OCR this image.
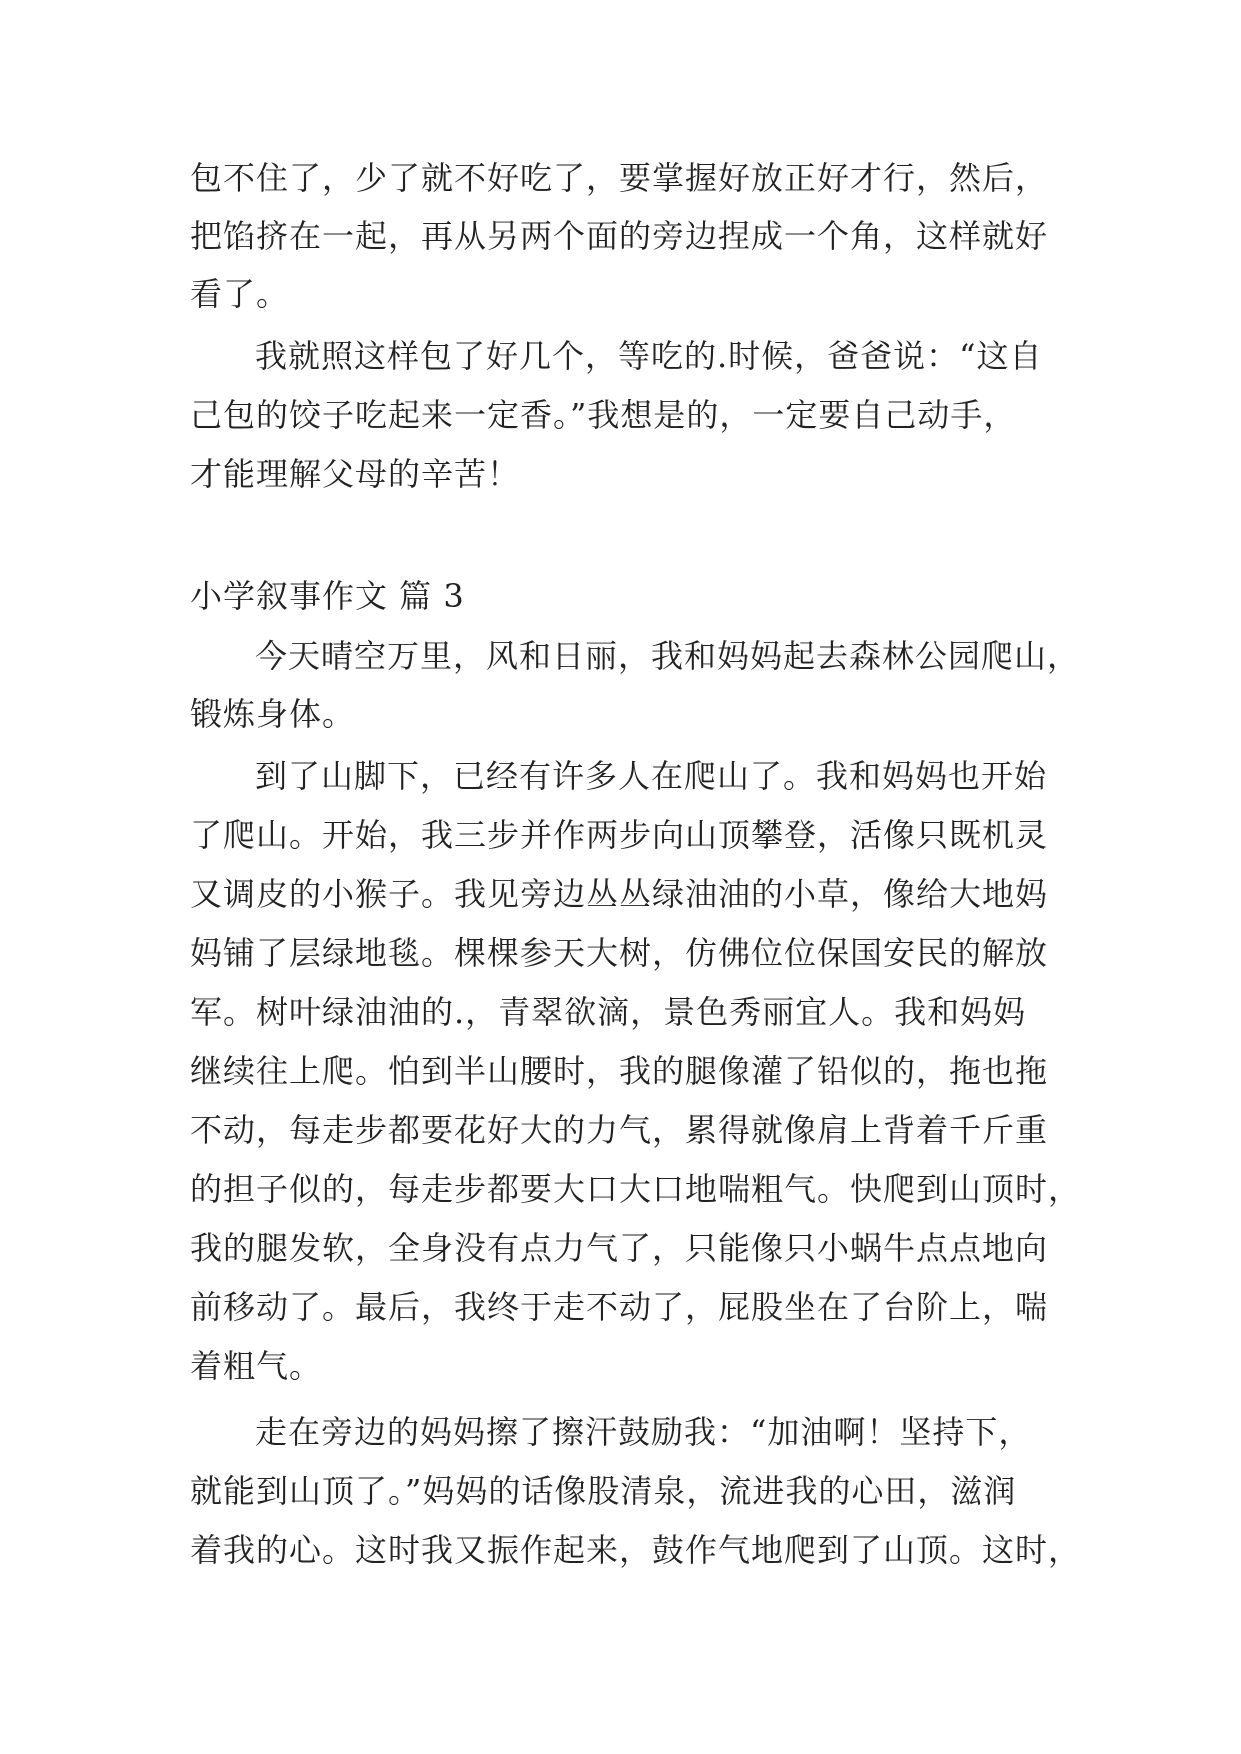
包不住了，少了就不好吃了，要掌握好放正好才行，然后，
把馅挤在一起，再从另两个面的旁边捏成一个角，这样就好
看了。
我就照这样包了好几个，等吃的.时候，爸爸说：“这自
己包的饺子吃起来一定香。”我想是的，一定要自己动手，
才能理解父母的辛苦！
小学叙事作文 篇 3
今天晴空万里，风和日丽，我和妈妈起去森林公园爬山，
锻炼身体。
到了山脚下，已经有许多人在爬山了。我和妈妈也开始
了爬山。开始，我三步并作两步向山顶攀登，活像只既机灵
又调皮的小猴子。我见旁边丛丛绿油油的小草，像给大地妈
妈铺了层绿地毯。棵棵参天大树，仿佛位位保国安民的解放
军。树叶绿油油的.，青翠欲滴，景色秀丽宜人。我和妈妈
继续往上爬。怕到半山腰时，我的腿像灌了铅似的，拖也拖
不动，每走步都要花好大的力气，累得就像肩上背着千斤重
的担子似的，每走步都要大口大口地喘粗气。快爬到山顶时，
我的腿发软，全身没有点力气了，只能像只小蜗牛点点地向
前移动了。最后，我终于走不动了，屁股坐在了台阶上，喘
着粗气。
走在旁边的妈妈擦了擦汗鼓励我：“加油啊！坚持下，
就能到山顶了。”妈妈的话像股清泉，流进我的心田，滋润
着我的心。这时我又振作起来，鼓作气地爬到了山顶。这时，
